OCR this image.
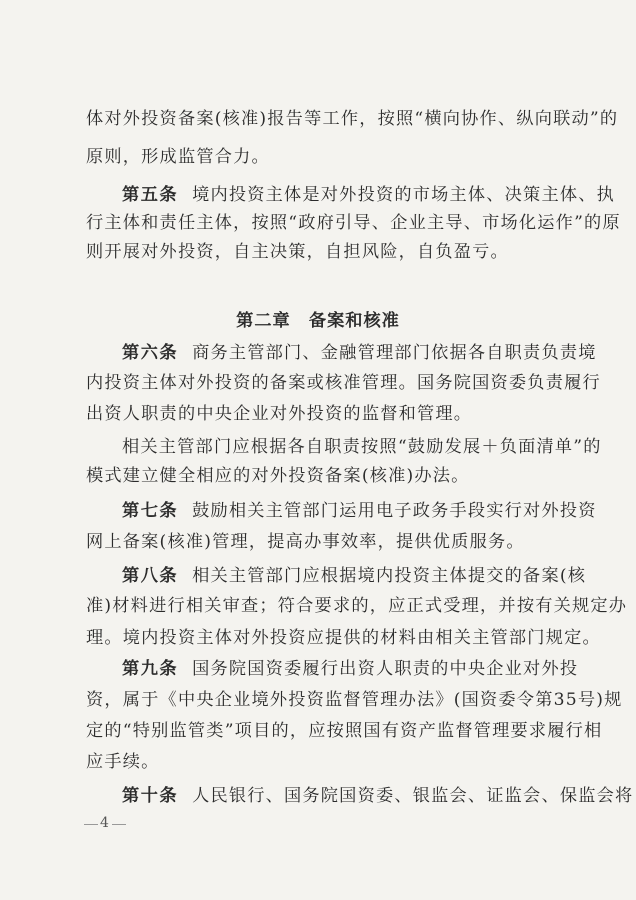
体对外投资备案(核准)报告等工作，按照“横向协作、纵向联动”的
原则，形成监管合力。
第五条 境内投资主体是对外投资的市场主体、决策主体、执
行主体和责任主体，按照“政府引导、企业主导、市场化运作”的原
则开展对外投资，自主决策，自担风险，自负盈亏。
第二章　备案和核准
第六条 商务主管部门、金融管理部门依据各自职责负责境
内投资主体对外投资的备案或核准管理。国务院国资委负责履行
出资人职责的中央企业对外投资的监督和管理。
相关主管部门应根据各自职责按照“鼓励发展＋负面清单”的
模式建立健全相应的对外投资备案(核准)办法。
第七条 鼓励相关主管部门运用电子政务手段实行对外投资
网上备案(核准)管理，提高办事效率，提供优质服务。
第八条 相关主管部门应根据境内投资主体提交的备案(核
准)材料进行相关审查；符合要求的，应正式受理，并按有关规定办
理。境内投资主体对外投资应提供的材料由相关主管部门规定。
第九条 国务院国资委履行出资人职责的中央企业对外投
资，属于《中央企业境外投资监督管理办法》(国资委令第35号)规
定的“特别监管类”项目的，应按照国有资产监督管理要求履行相
应手续。
第十条 人民银行、国务院国资委、银监会、证监会、保监会将
4
